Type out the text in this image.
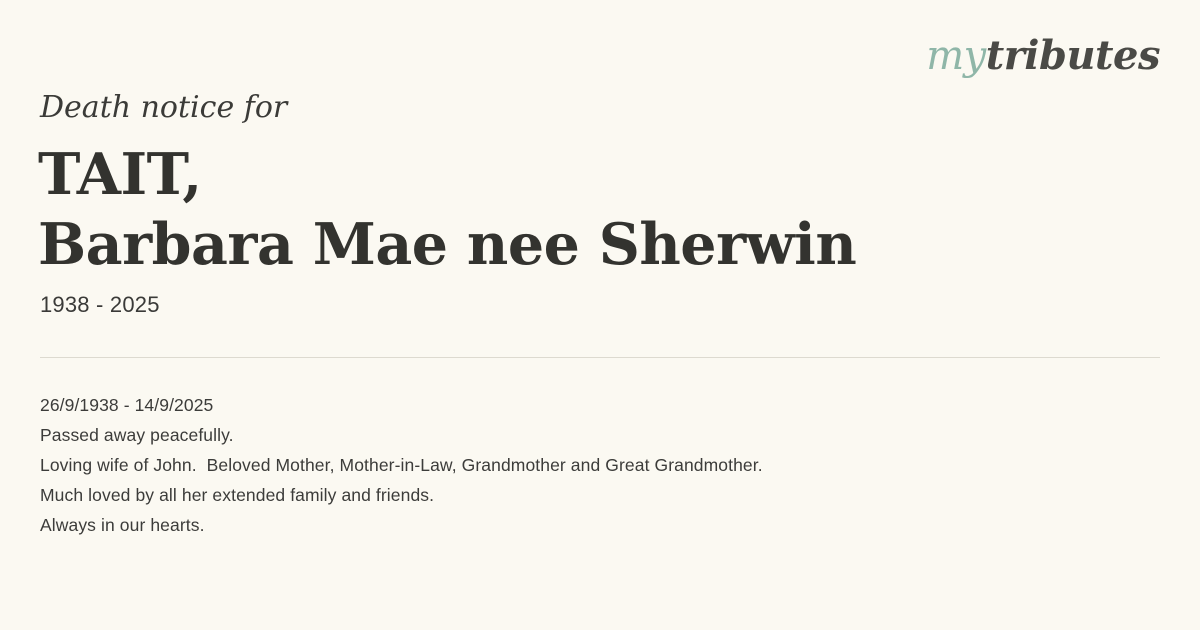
mytributes
Death notice for
TAIT,
Barbara Mae nee Sherwin
1938 - 2025
26/9/1938 - 14/9/2025
Passed away peacefully.
Loving wife of John.  Beloved Mother, Mother-in-Law, Grandmother and Great Grandmother.
Much loved by all her extended family and friends.
Always in our hearts.
